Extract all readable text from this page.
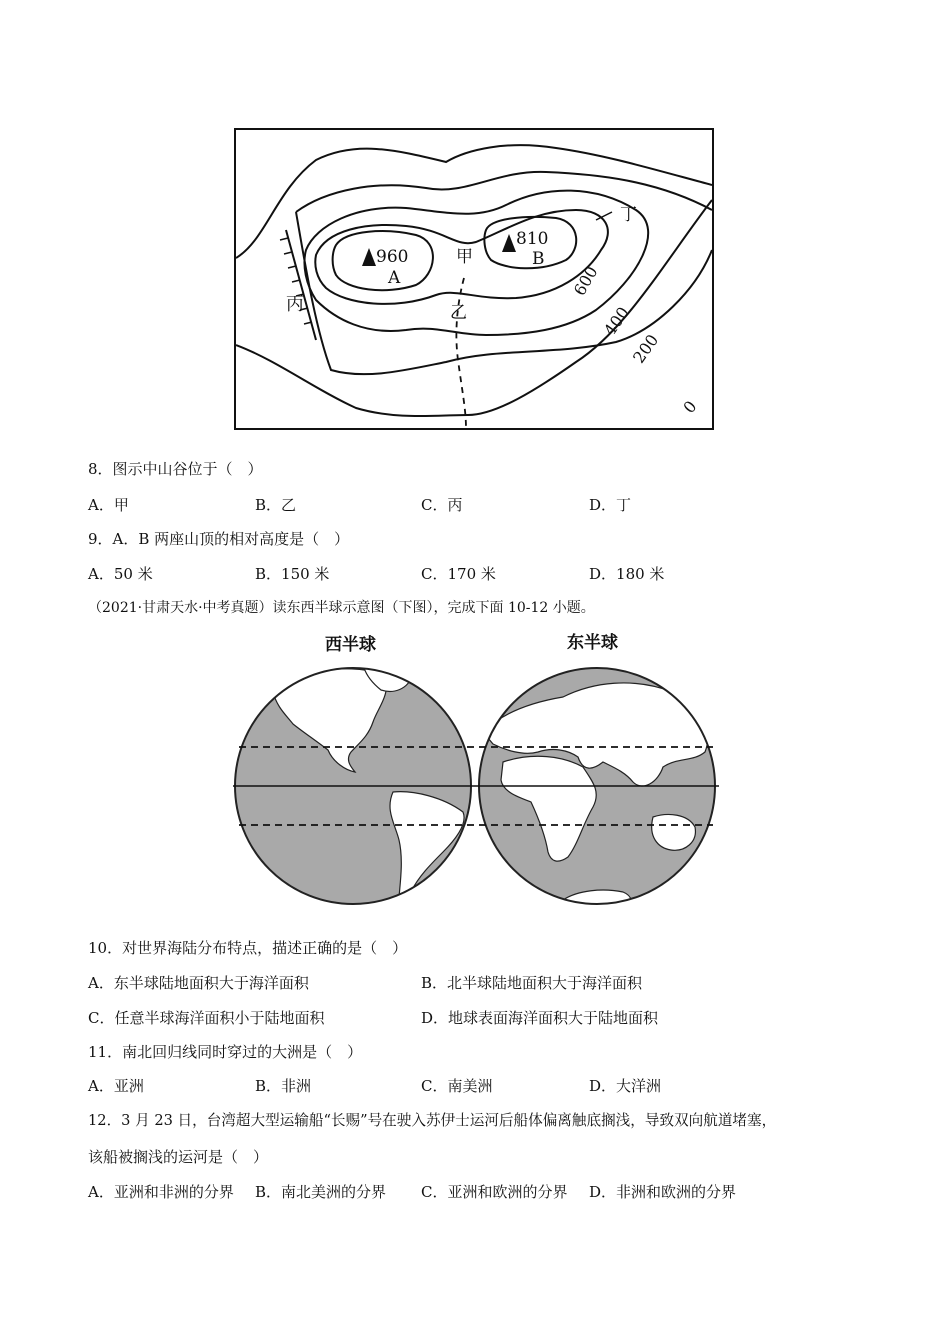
960
A
810
B
甲
乙
丙
丁
600
400
200
0
8．图示中山谷位于（　）
A．甲	B．乙	C．丙	D．丁
9．A．B 两座山顶的相对高度是（　）
A．50 米	B．150 米	C．170 米	D．180 米
（2021·甘肃天水·中考真题）读东西半球示意图（下图），完成下面 10-12 小题。
西半球	东半球
10．对世界海陆分布特点，描述正确的是（　）
A．东半球陆地面积大于海洋面积	B．北半球陆地面积大于海洋面积
C．任意半球海洋面积小于陆地面积	D．地球表面海洋面积大于陆地面积
11．南北回归线同时穿过的大洲是（　）
A．亚洲	B．非洲	C．南美洲	D．大洋洲
12．3 月 23 日，台湾超大型运输船“长赐”号在驶入苏伊士运河后船体偏离触底搁浅，导致双向航道堵塞，
该船被搁浅的运河是（　）
A．亚洲和非洲的分界 B．南北美洲的分界 C．亚洲和欧洲的分界 D．非洲和欧洲的分界
